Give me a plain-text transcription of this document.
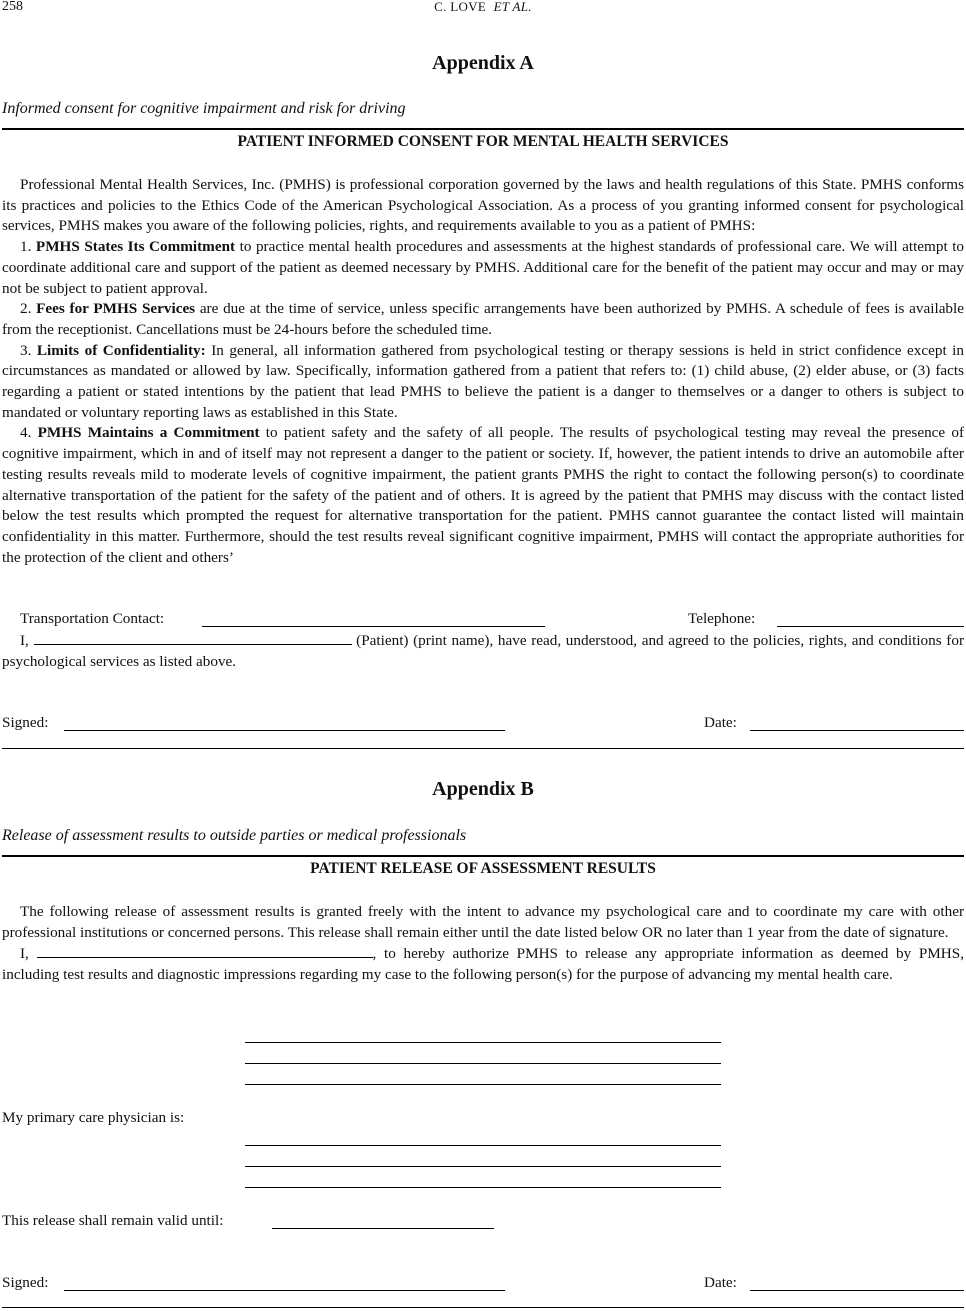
258	C. LOVE ET AL.
Appendix A
Informed consent for cognitive impairment and risk for driving
PATIENT INFORMED CONSENT FOR MENTAL HEALTH SERVICES

Professional Mental Health Services, Inc. (PMHS) is professional corporation governed by the laws and health regulations of this State. PMHS conforms its practices and policies to the Ethics Code of the American Psychological Association. As a process of you granting informed consent for psychological services, PMHS makes you aware of the following policies, rights, and requirements available to you as a patient of PMHS:

1. PMHS States Its Commitment to practice mental health procedures and assessments at the highest standards of professional care. We will attempt to coordinate additional care and support of the patient as deemed necessary by PMHS. Additional care for the benefit of the patient may occur and may or may not be subject to patient approval.

2. Fees for PMHS Services are due at the time of service, unless specific arrangements have been authorized by PMHS. A schedule of fees is available from the receptionist. Cancellations must be 24-hours before the scheduled time.

3. Limits of Confidentiality: In general, all information gathered from psychological testing or therapy sessions is held in strict confidence except in circumstances as mandated or allowed by law. Specifically, information gathered from a patient that refers to: (1) child abuse, (2) elder abuse, or (3) facts regarding a patient or stated intentions by the patient that lead PMHS to believe the patient is a danger to themselves or a danger to others is subject to mandated or voluntary reporting laws as established in this State.

4. PMHS Maintains a Commitment to patient safety and the safety of all people. The results of psychological testing may reveal the presence of cognitive impairment, which in and of itself may not represent a danger to the patient or society. If, however, the patient intends to drive an automobile after testing results reveals mild to moderate levels of cognitive impairment, the patient grants PMHS the right to contact the following person(s) to coordinate alternative transportation of the patient for the safety of the patient and of others. It is agreed by the patient that PMHS may discuss with the contact listed below the test results which prompted the request for alternative transportation for the patient. PMHS cannot guarantee the contact listed will maintain confidentiality in this matter. Furthermore, should the test results reveal significant cognitive impairment, PMHS will contact the appropriate authorities for the protection of the client and others’

Transportation Contact:	Telephone:

I,	(Patient) (print name), have read, understood, and agreed to the policies, rights, and conditions for psychological services as listed above.

Signed:	Date:
Appendix B
Release of assessment results to outside parties or medical professionals
PATIENT RELEASE OF ASSESSMENT RESULTS

The following release of assessment results is granted freely with the intent to advance my psychological care and to coordinate my care with other professional institutions or concerned persons. This release shall remain either until the date listed below OR no later than 1 year from the date of signature.

I,	, to hereby authorize PMHS to release any appropriate information as deemed by PMHS, including test results and diagnostic impressions regarding my case to the following person(s) for the purpose of advancing my mental health care.

My primary care physician is:
This release shall remain valid until:
Signed:	Date:
